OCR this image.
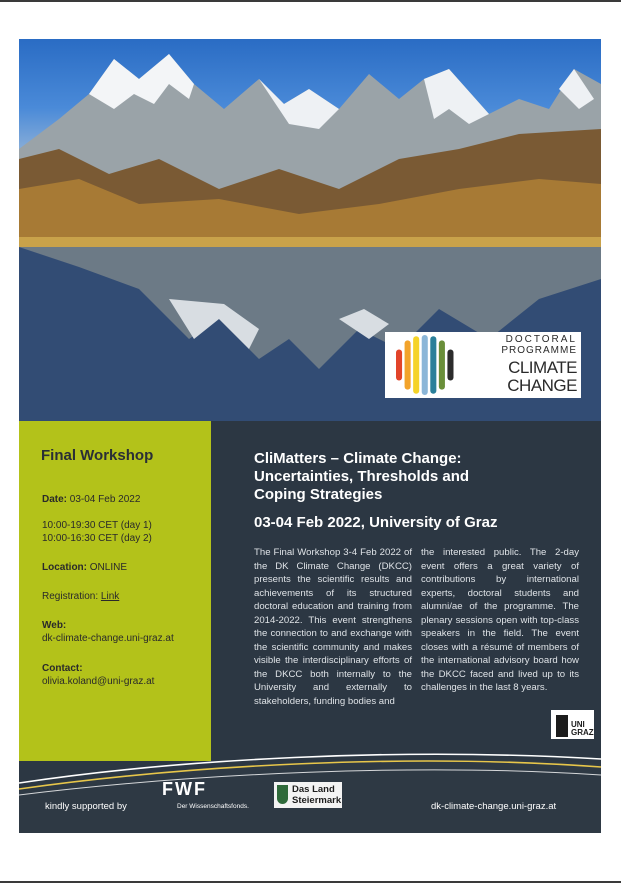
DOCTORAL
PROGRAMME
CLIMATE
CHANGE
Final Workshop
Date: 03-04 Feb 2022
10:00-19:30 CET (day 1)
10:00-16:30 CET (day 2)
Location: ONLINE
Registration: Link
Web:
dk-climate-change.uni-graz.at
Contact:
olivia.koland@uni-graz.at
CliMatters – Climate Change:
Uncertainties, Thresholds and
Coping Strategies
03-04 Feb 2022, University of Graz
The Final Workshop 3-4 Feb 2022 of the DK Climate Change (DKCC) presents the scientific results and achievements of its structured doctoral education and training from 2014-2022. This event strengthens the connection to and exchange with the scientific community and makes visible the interdisciplinary efforts of the DKCC both internally to the University and externally to stakeholders, funding bodies and
the interested public. The 2-day event offers a great variety of contributions by international experts, doctoral students and alumni/ae of the programme. The plenary sessions open with top-class speakers in the field. The event closes with a résumé of members of the international advisory board how the DKCC faced and lived up to its challenges in the last 8 years.
UNI
GRAZ
kindly supported by
FWF
Der Wissenschaftsfonds.
Das Land
Steiermark
dk-climate-change.uni-graz.at
